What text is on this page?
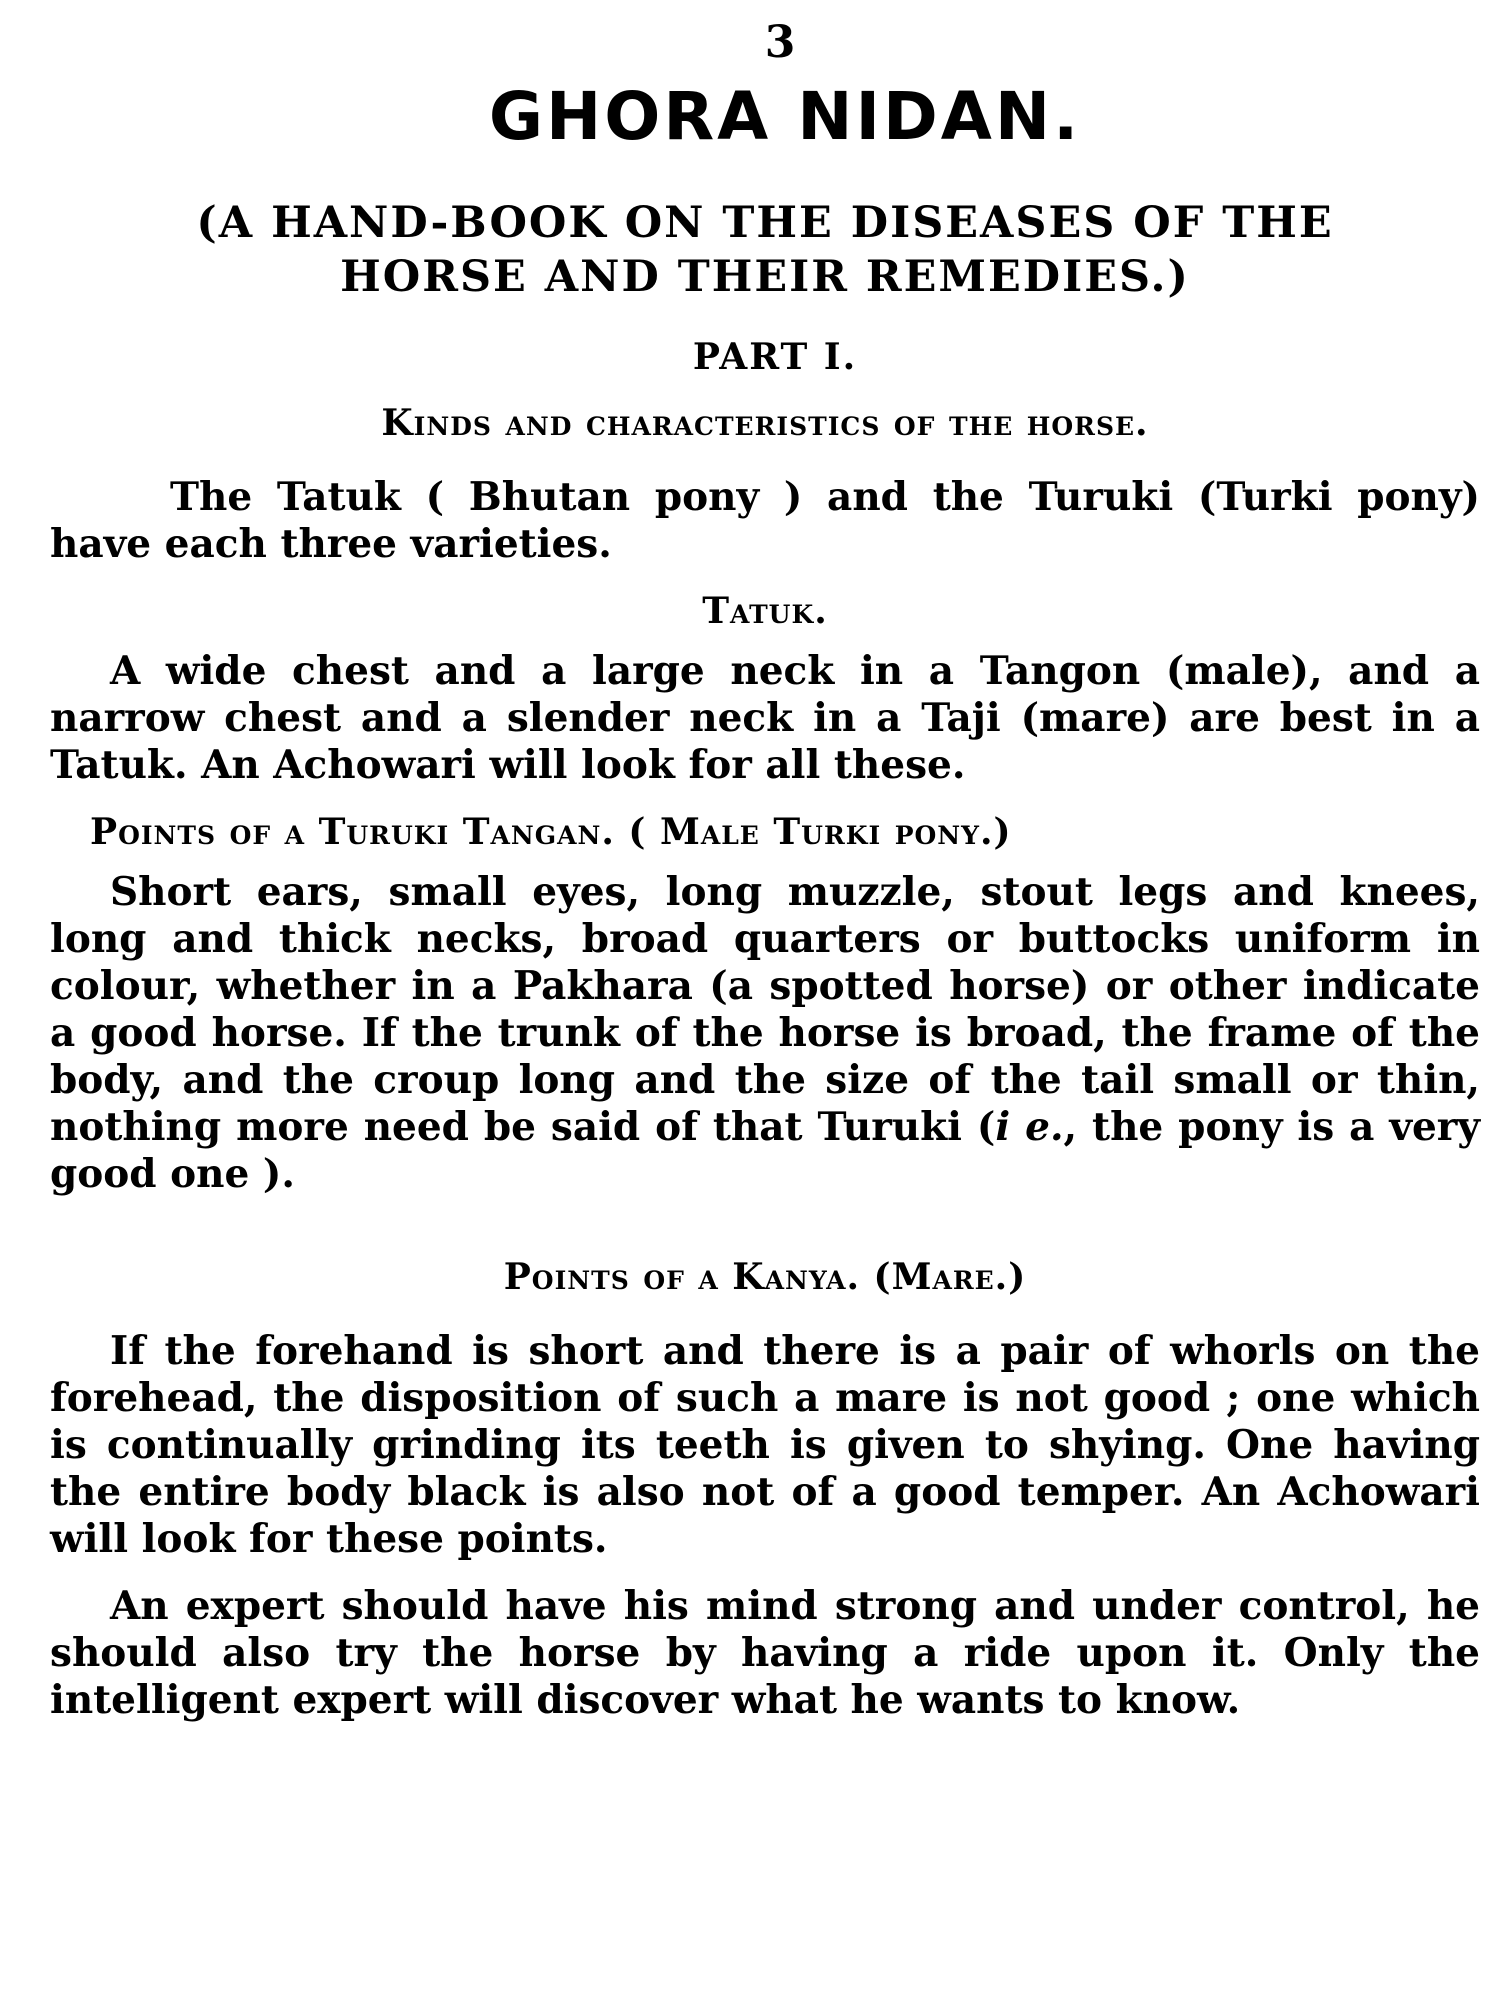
3
GHORA NIDAN.
(A HAND-BOOK ON THE DISEASES OF THE
HORSE AND THEIR REMEDIES.)
PART I.
Kinds and characteristics of the horse.

The Tatuk ( Bhutan pony ) and the Turuki (Turki pony) have each three varieties.

Tatuk.

A wide chest and a large neck in a Tangon (male), and a narrow chest and a slender neck in a Taji (mare) are best in a Tatuk. An Achowari will look for all these.

Points of a Turuki Tangan. ( Male Turki pony.)

Short ears, small eyes, long muzzle, stout legs and knees, long and thick necks, broad quarters or buttocks uniform in colour, whether in a Pakhara (a spotted horse) or other indicate a good horse. If the trunk of the horse is broad, the frame of the body, and the croup long and the size of the tail small or thin, nothing more need be said of that Turuki (i e., the pony is a very good one ).

Points of a Kanya. (Mare.)

If the forehand is short and there is a pair of whorls on the forehead, the disposition of such a mare is not good ; one which is continually grinding its teeth is given to shying. One having the entire body black is also not of a good temper. An Achowari will look for these points.

An expert should have his mind strong and under control, he should also try the horse by having a ride upon it. Only the intelligent expert will discover what he wants to know.
